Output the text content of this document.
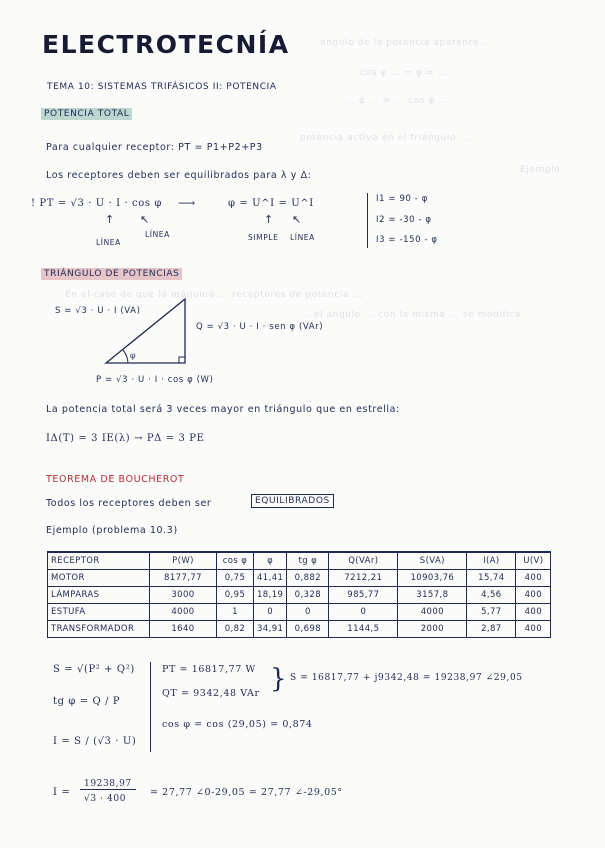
ángulo de la potencia aparente ...
cos φ ... = φ = ...
... φ ... = ... cos φ ...
potencia activa en el triángulo ...
Ejemplo
En el caso de que la máquina ... receptores de potencia ...
... el ángulo ... con la misma ... se modifica
ELECTROTECNÍA
TEMA 10: SISTEMAS TRIFÁSICOS II: POTENCIA
POTENCIA TOTAL
Para cualquier receptor: PT = P1+P2+P3
Los receptores deben ser equilibrados para λ y Δ:
! PT = √3 · U · I · cos φ ⟶	φ = U^I = U^I
↑ ↖
LÍNEA
LÍNEA
↑ ↖
SIMPLE LÍNEA
I1 = 90 - φ
I2 = -30 - φ
I3 = -150 - φ
TRIÁNGULO DE POTENCIAS
S = √3 · U · I (VA)
φ
Q = √3 · U · I · sen φ (VAr)
P = √3 · U · I · cos φ (W)
La potencia total será 3 veces mayor en triángulo que en estrella:
IΔ(T) = 3 IE(λ) → PΔ = 3 PE
TEOREMA DE BOUCHEROT
Todos los receptores deben ser	EQUILIBRADOS
Ejemplo (problema 10.3)
RECEPTOR	P(W)	cos φ	φ	tg φ	Q(VAr)	S(VA)	I(A)	U(V)
MOTOR	8177,77	0,75	41,41	0,882	7212,21	10903,76	15,74	400
LÁMPARAS	3000	0,95	18,19	0,328	985,77	3157,8	4,56	400
ESTUFA	4000	1	0	0	0	4000	5,77	400
TRANSFORMADOR	1640	0,82	34,91	0,698	1144,5	2000	2,87	400
S = √(P² + Q²)
tg φ = Q / P
I = S / (√3 · U)
PT = 16817,77 W
QT = 9342,48 VAr } S = 16817,77 + j9342,48 = 19238,97 ∠29,05
cos φ = cos (29,05) = 0,874
I =
19238,97
√3 · 400
= 27,77 ∠0-29,05 = 27,77 ∠-29,05°
